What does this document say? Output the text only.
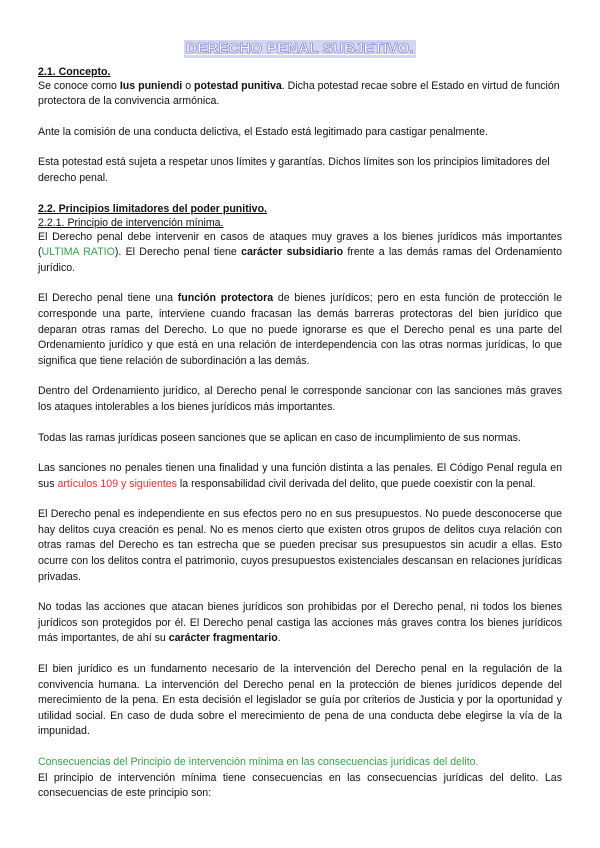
DERECHO PENAL SUBJETIVO.
2.1. Concepto.

Se conoce como Ius puniendi o potestad punitiva. Dicha potestad recae sobre el Estado en virtud de función protectora de la convivencia armónica.

Ante la comisión de una conducta delictiva, el Estado está legitimado para castigar penalmente.

Esta potestad está sujeta a respetar unos límites y garantías. Dichos límites son los principios limitadores del derecho penal.

2.2. Principios limitadores del poder punitivo.
2.2.1. Principio de intervención mínima.

El Derecho penal debe intervenir en casos de ataques muy graves a los bienes jurídicos más importantes (ULTIMA RATIO). El Derecho penal tiene carácter subsidiario frente a las demás ramas del Ordenamiento jurídico.

El Derecho penal tiene una función protectora de bienes jurídicos; pero en esta función de protección le corresponde una parte, interviene cuando fracasan las demás barreras protectoras del bien jurídico que deparan otras ramas del Derecho. Lo que no puede ignorarse es que el Derecho penal es una parte del Ordenamiento jurídico y que está en una relación de interdependencia con las otras normas jurídicas, lo que significa que tiene relación de subordinación a las demás.

Dentro del Ordenamiento jurídico, al Derecho penal le corresponde sancionar con las sanciones más graves los ataques intolerables a los bienes jurídicos más importantes.

Todas las ramas jurídicas poseen sanciones que se aplican en caso de incumplimiento de sus normas.

Las sanciones no penales tienen una finalidad y una función distinta a las penales. El Código Penal regula en sus artículos 109 y siguientes la responsabilidad civil derivada del delito, que puede coexistir con la penal.

El Derecho penal es independiente en sus efectos pero no en sus presupuestos. No puede desconocerse que hay delitos cuya creación es penal. No es menos cierto que existen otros grupos de delitos cuya relación con otras ramas del Derecho es tan estrecha que se pueden precisar sus presupuestos sin acudir a ellas. Esto ocurre con los delitos contra el patrimonio, cuyos presupuestos existenciales descansan en relaciones jurídicas privadas.

No todas las acciones que atacan bienes jurídicos son prohibidas por el Derecho penal, ni todos los bienes jurídicos son protegidos por él. El Derecho penal castiga las acciones más graves contra los bienes jurídicos más importantes, de ahí su carácter fragmentario.

El bien jurídico es un fundamento necesario de la intervención del Derecho penal en la regulación de la convivencia humana. La intervención del Derecho penal en la protección de bienes jurídicos depende del merecimiento de la pena. En esta decisión el legislador se guía por criterios de Justicia y por la oportunidad y utilidad social. En caso de duda sobre el merecimiento de pena de una conducta debe elegirse la vía de la impunidad.

Consecuencias del Principio de intervención mínima en las consecuencias jurídicas del delito.

El principio de intervención mínima tiene consecuencias en las consecuencias jurídicas del delito. Las consecuencias de este principio son:
